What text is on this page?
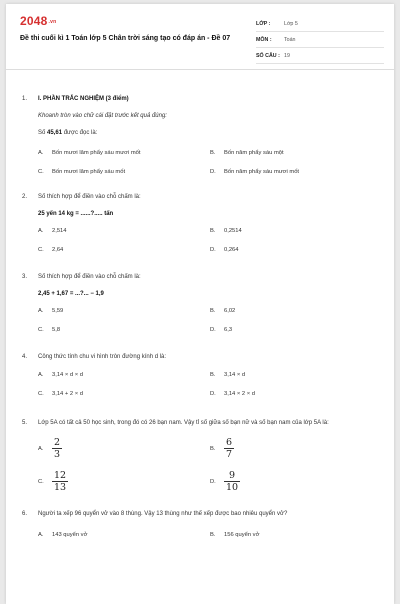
2048.vn
Đề thi cuối kì 1 Toán lớp 5 Chân trời sáng tạo có đáp án - Đề 07
LỚP :	Lớp 5
MÔN :	Toán
SỐ CÂU : 19
1.	I. PHẦN TRẮC NGHIỆM (3 điểm)
Khoanh tròn vào chữ cái đặt trước kết quả đúng:
Số 45,61 được đọc là:
A.	Bốn mươi lăm phẩy sáu mươi mốt	B.	Bốn năm phẩy sáu một
C.	Bốn mươi lăm phẩy sáu mốt	D.	Bốn năm phẩy sáu mươi mốt
2.	Số thích hợp để điền vào chỗ chấm là:
25 yến 14 kg = ......?..... tấn
A.	2,514	B.	0,2514
C.	2,64	D.	0,264
3.	Số thích hợp để điền vào chỗ chấm là:
2,45 + 1,67 = ...?... − 1,9
A.	5,59	B.	6,02
C.	5,8	D.	6,3
4.	Công thức tính chu vi hình tròn đường kính d là:
A.	3,14 × d × d	B.	3,14 × d
C.	3,14 + 2 × d	D.	3,14 × 2 × d
5.	Lớp 5A có tất cả 50 học sinh, trong đó có 26 bạn nam. Vậy tỉ số giữa số bạn nữ và số bạn nam của lớp 5A là:
A. $\frac{2}{3}$	B. $\frac{6}{7}$
C. $\frac{12}{13}$	D. $\frac{9}{10}$
6.	Người ta xếp 96 quyển vở vào 8 thùng. Vậy 13 thùng như thế xếp được bao nhiêu quyển vở?
A.	143 quyển vở	B.	156 quyển vở
